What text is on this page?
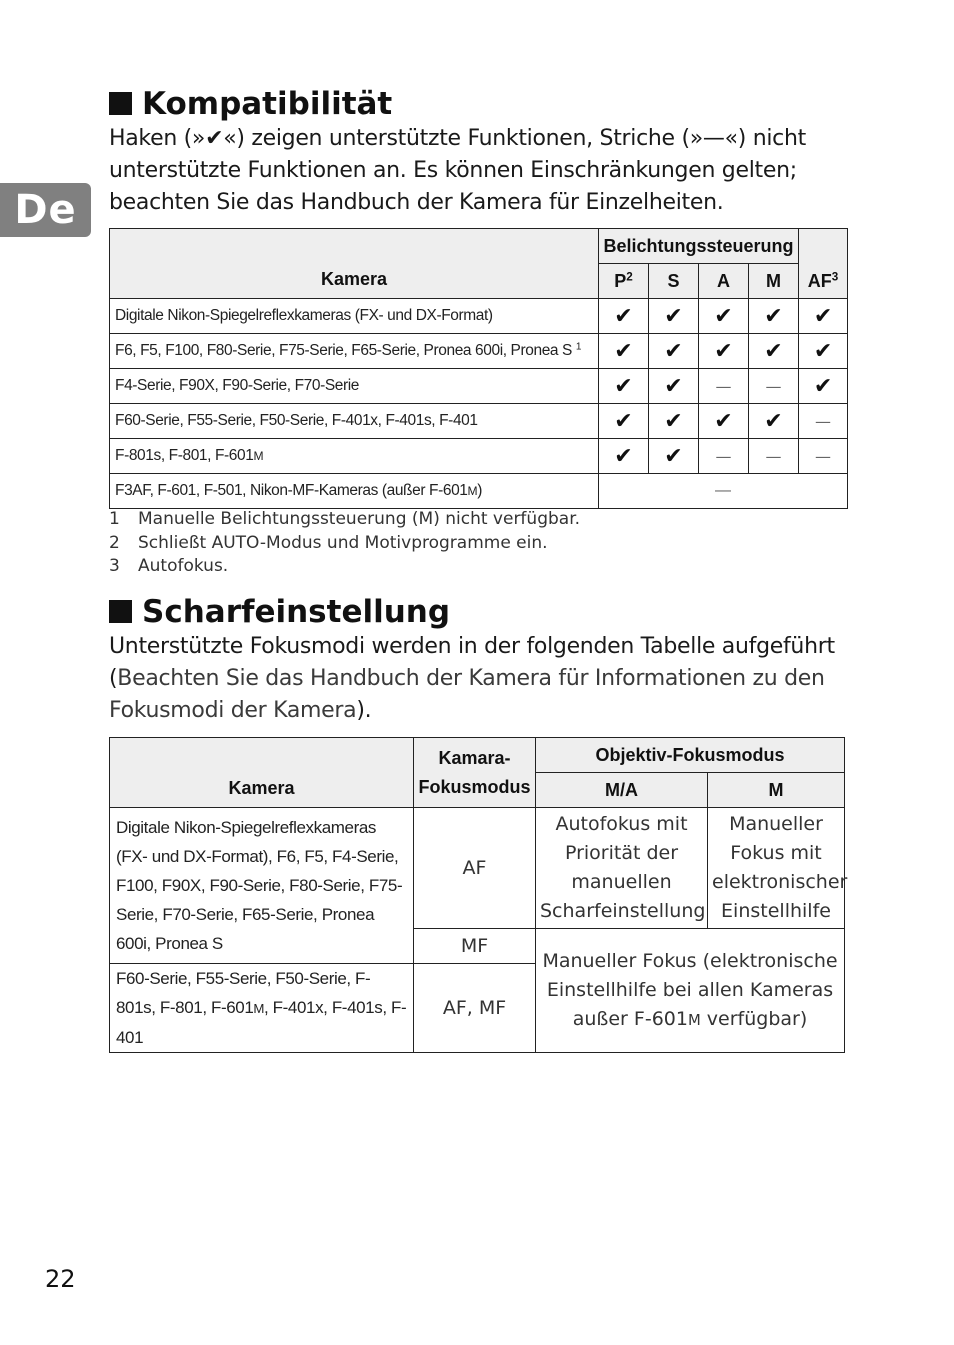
De
Kompatibilität

Haken (»✔«) zeigen unterstützte Funktionen, Striche (»—«) nicht unterstützte Funktionen an. Es können Einschränkungen gelten; beachten Sie das Handbuch der Kamera für Einzelheiten.

Kamera	Belichtungssteuerung				$AF^3$
	$P^2$	S	A	M	
Digitale Nikon-Spiegelreflexkameras (FX- und DX-Format)	✔	✔	✔	✔	✔
F6, F5, F100, F80-Serie, F75-Serie, F65-Serie, Pronea 600i, Pronea S $^1$	✔	✔	✔	✔	✔
F4-Serie, F90X, F90-Serie, F70-Serie	✔	✔	—	—	✔
F60-Serie, F55-Serie, F50-Serie, F-401x, F-401s, F-401	✔	✔	✔	✔	—
F-801s, F-801, F-601M	✔	✔	—	—	—
F3AF, F-601, F-501, Nikon-MF-Kameras (außer F-601M)	—				
1 Manuelle Belichtungssteuerung (M) nicht verfügbar.
2 Schließt AUTO-Modus und Motivprogramme ein.
3 Autofokus.
Scharfeinstellung

Unterstützte Fokusmodi werden in der folgenden Tabelle aufgeführt (Beachten Sie das Handbuch der Kamera für Informationen zu den Fokusmodi der Kamera).

Kamera	Kamara-Fokusmodus	Objektiv-Fokusmodus	
		M/A	M
Digitale Nikon-Spiegelreflexkameras (FX- und DX-Format), F6, F5, F4-Serie, F100, F90X, F90-Serie, F80-Serie, F75-Serie, F70-Serie, F65-Serie, Pronea 600i, Pronea S	AF	Autofokus mit Priorität der manuellen Scharfeinstellung	Manueller Fokus mit elektronischer Einstellhilfe
	MF	Manueller Fokus (elektronische Einstellhilfe bei allen Kameras außer F-601M verfügbar)	
F60-Serie, F55-Serie, F50-Serie, F-801s, F-801, F-601M, F-401x, F-401s, F-401	AF, MF		
22
